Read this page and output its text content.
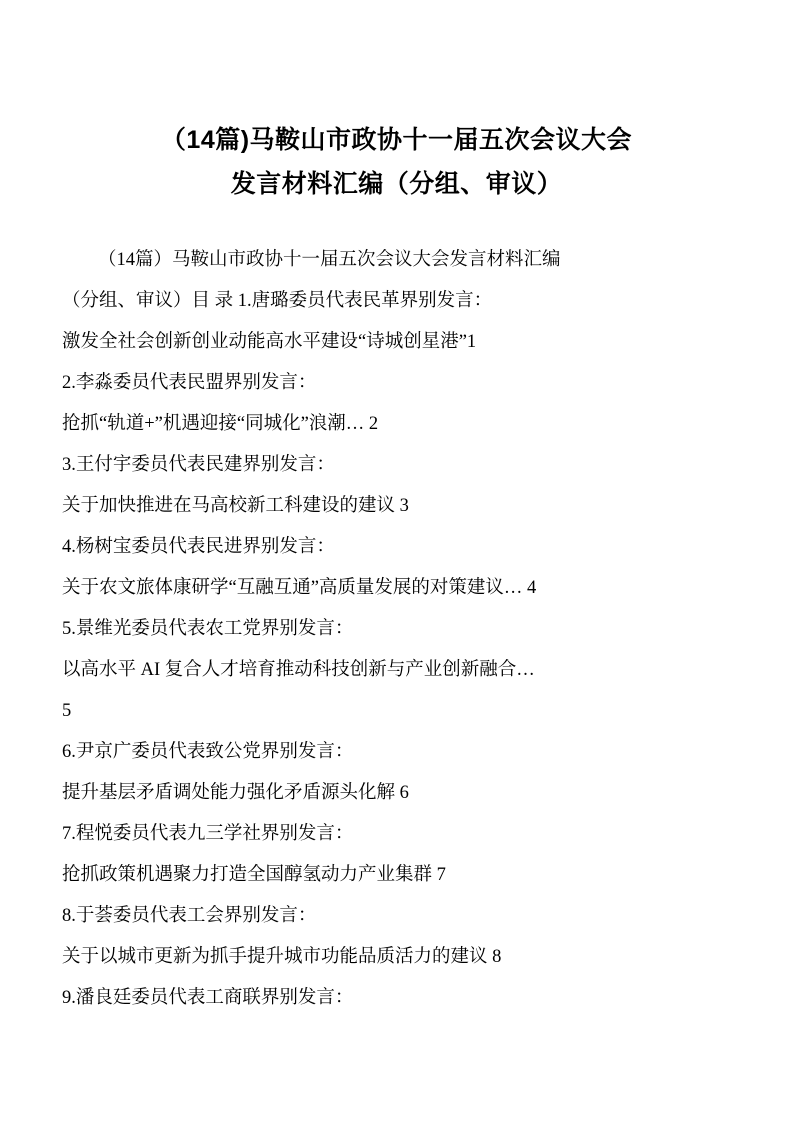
（14篇)马鞍山市政协十一届五次会议大会
发言材料汇编（分组、审议）

（14篇）马鞍山市政协十一届五次会议大会发言材料汇编

（分组、审议）目 录 1.唐璐委员代表民革界别发言：

激发全社会创新创业动能高水平建设“诗城创星港”1

2.李淼委员代表民盟界别发言：

抢抓“轨道+”机遇迎接“同城化”浪潮… 2

3.王付宇委员代表民建界别发言：

关于加快推进在马高校新工科建设的建议 3

4.杨树宝委员代表民进界别发言：

关于农文旅体康研学“互融互通”高质量发展的对策建议… 4

5.景维光委员代表农工党界别发言：

以高水平 AI 复合人才培育推动科技创新与产业创新融合…

5

6.尹京广委员代表致公党界别发言：

提升基层矛盾调处能力强化矛盾源头化解 6

7.程悦委员代表九三学社界别发言：

抢抓政策机遇聚力打造全国醇氢动力产业集群 7

8.于荟委员代表工会界别发言：

关于以城市更新为抓手提升城市功能品质活力的建议 8

9.潘良廷委员代表工商联界别发言：
